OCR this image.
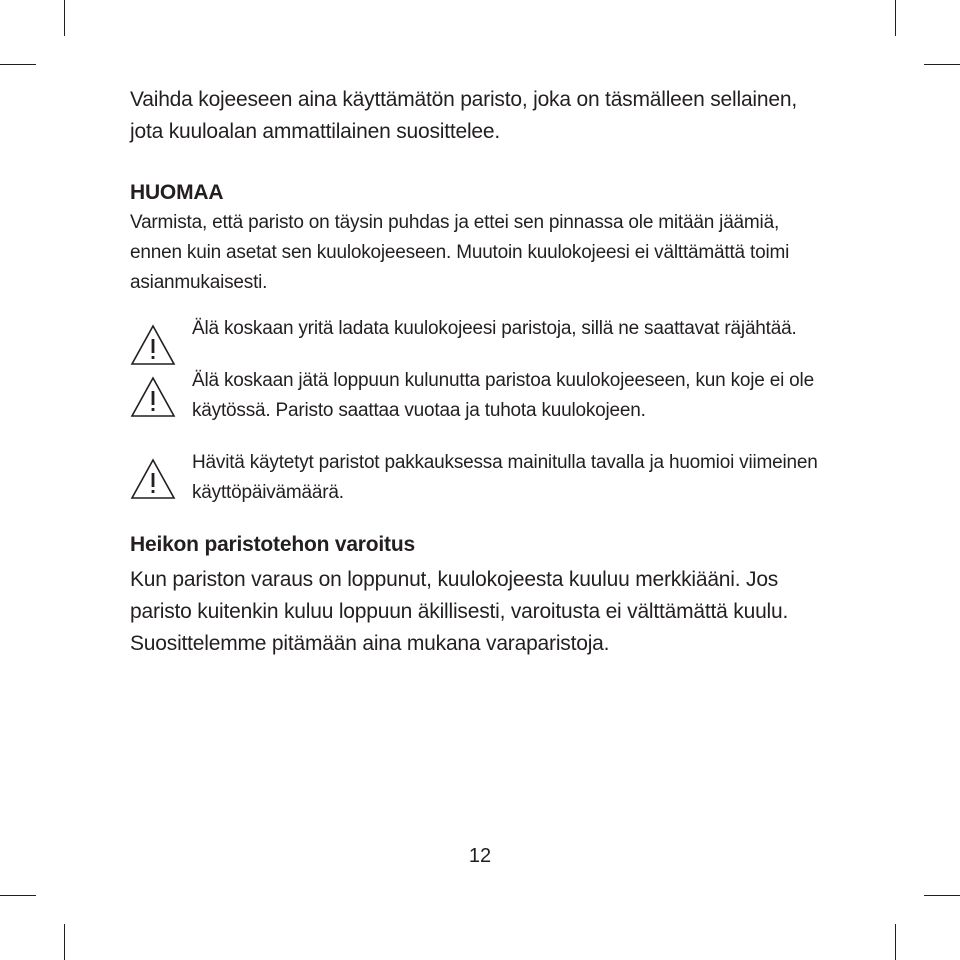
Vaihda kojeeseen aina käyttämätön paristo, joka on täsmälleen sellainen, jota kuuloalan ammattilainen suosittelee.

HUOMAA

Varmista, että paristo on täysin puhdas ja ettei sen pinnassa ole mitään jäämiä, ennen kuin asetat sen kuulokojeeseen. Muutoin kuulokojeesi ei välttämättä toimi asianmukaisesti.

Älä koskaan yritä ladata kuulokojeesi paristoja, sillä ne saattavat räjähtää.
Älä koskaan jätä loppuun kulunutta paristoa kuulokojeeseen, kun koje ei ole käytössä. Paristo saattaa vuotaa ja tuhota kuulokojeen.
Hävitä käytetyt paristot pakkauksessa mainitulla tavalla ja huomioi viimeinen käyttöpäivämäärä.
Heikon paristotehon varoitus

Kun pariston varaus on loppunut, kuulokojeesta kuuluu merkkiääni. Jos paristo kuitenkin kuluu loppuun äkillisesti, varoitusta ei välttämättä kuulu. Suosittelemme pitämään aina mukana varaparistoja.

12
